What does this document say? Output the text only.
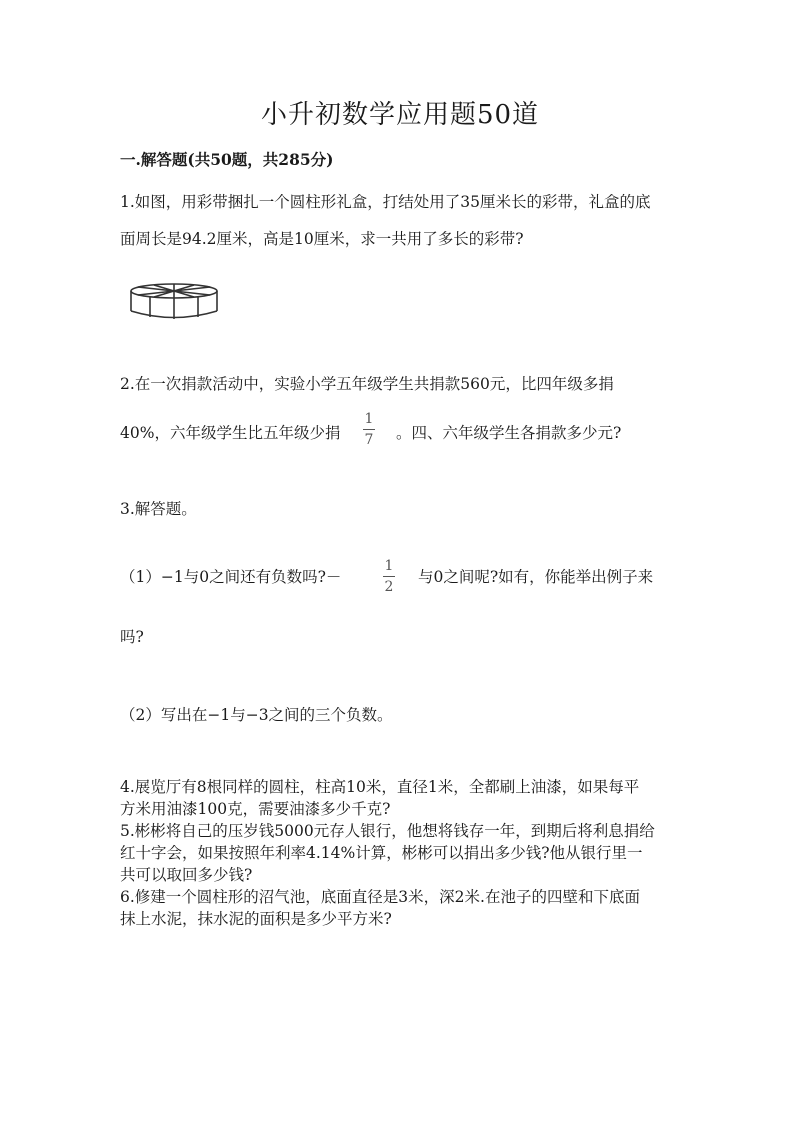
小升初数学应用题50道
一.解答题(共50题，共285分)
1.如图，用彩带捆扎一个圆柱形礼盒，打结处用了35厘米长的彩带，礼盒的底
面周长是94.2厘米，高是10厘米，求一共用了多长的彩带?
2.在一次捐款活动中，实验小学五年级学生共捐款560元，比四年级多捐
40%，六年级学生比五年级少捐
1
7 。四、六年级学生各捐款多少元?
3.解答题。
（1）−1与0之间还有负数吗?－
1
2
与0之间呢?如有，你能举出例子来
吗?
（2）写出在−1与−3之间的三个负数。
4.展览厅有8根同样的圆柱，柱高10米，直径1米，全都刷上油漆，如果每平
方米用油漆100克，需要油漆多少千克?
5.彬彬将自己的压岁钱5000元存人银行，他想将钱存一年，到期后将利息捐给
红十字会，如果按照年利率4.14%计算，彬彬可以捐出多少钱?他从银行里一
共可以取回多少钱?
6.修建一个圆柱形的沼气池，底面直径是3米，深2米.在池子的四壁和下底面
抹上水泥，抹水泥的面积是多少平方米?
